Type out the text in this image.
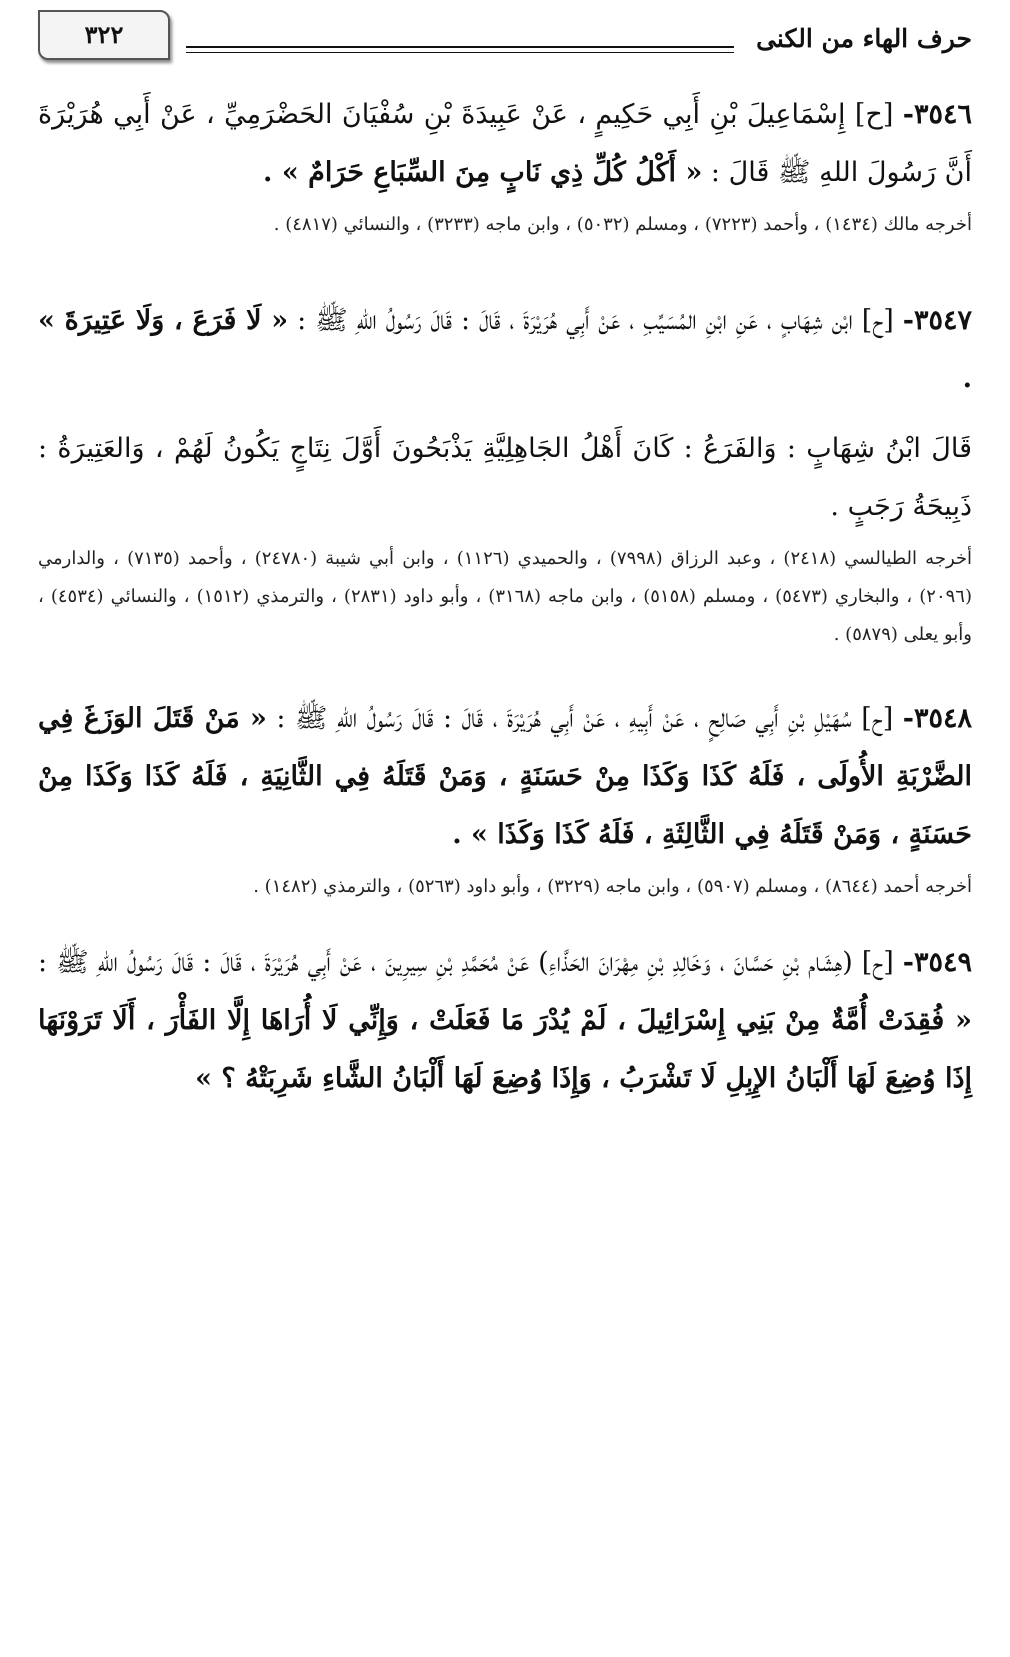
حرف الهاء من الكنى
٣٢٢

٣٥٤٦- [ح] إِسْمَاعِيلَ بْنِ أَبِي حَكِيمٍ ، عَنْ عَبِيدَةَ بْنِ سُفْيَانَ الحَضْرَمِيِّ ، عَنْ أَبِي هُرَيْرَةَ أَنَّ رَسُولَ اللهِ ﷺ قَالَ : « أَكْلُ كُلِّ ذِي نَابٍ مِنَ السِّبَاعِ حَرَامٌ » .

أخرجه مالك (١٤٣٤) ، وأحمد (٧٢٢٣) ، ومسلم (٥٠٣٢) ، وابن ماجه (٣٢٣٣) ، والنسائي (٤٨١٧) .

٣٥٤٧- [ح] ابْن شِهَابٍ ، عَنِ ابْنِ المُسَيِّبِ ، عَنْ أَبِي هُرَيْرَةَ ، قَالَ : قَالَ رَسُولُ اللهِ ﷺ : « لَا فَرَعَ ، وَلَا عَتِيرَةَ » .

قَالَ ابْنُ شِهَابٍ : وَالفَرَعُ : كَانَ أَهْلُ الجَاهِلِيَّةِ يَذْبَحُونَ أَوَّلَ نِتَاجٍ يَكُونُ لَهُمْ ، وَالعَتِيرَةُ : ذَبِيحَةُ رَجَبٍ .

أخرجه الطيالسي (٢٤١٨) ، وعبد الرزاق (٧٩٩٨) ، والحميدي (١١٢٦) ، وابن أبي شيبة (٢٤٧٨٠) ، وأحمد (٧١٣٥) ، والدارمي (٢٠٩٦) ، والبخاري (٥٤٧٣) ، ومسلم (٥١٥٨) ، وابن ماجه (٣١٦٨) ، وأبو داود (٢٨٣١) ، والترمذي (١٥١٢) ، والنسائي (٤٥٣٤) ، وأبو يعلى (٥٨٧٩) .

٣٥٤٨- [ح] سُهَيْلِ بْنِ أَبِي صَالِحٍ ، عَنْ أَبِيهِ ، عَنْ أَبِي هُرَيْرَةَ ، قَالَ : قَالَ رَسُولُ اللهِ ﷺ : « مَنْ قَتَلَ الوَزَغَ فِي الضَّرْبَةِ الأُولَى ، فَلَهُ كَذَا وَكَذَا مِنْ حَسَنَةٍ ، وَمَنْ قَتَلَهُ فِي الثَّانِيَةِ ، فَلَهُ كَذَا وَكَذَا مِنْ حَسَنَةٍ ، وَمَنْ قَتَلَهُ فِي الثَّالِثَةِ ، فَلَهُ كَذَا وَكَذَا » .

أخرجه أحمد (٨٦٤٤) ، ومسلم (٥٩٠٧) ، وابن ماجه (٣٢٢٩) ، وأبو داود (٥٢٦٣) ، والترمذي (١٤٨٢) .

٣٥٤٩- [ح] (هِشَام بْنِ حَسَّانَ ، وَخَالِدِ بْنِ مِهْرَانَ الحَذَّاءِ) عَنْ مُحَمَّدِ بْنِ سِيرِينَ ، عَنْ أَبِي هُرَيْرَةَ ، قَالَ : قَالَ رَسُولُ اللهِ ﷺ : « فُقِدَتْ أُمَّةٌ مِنْ بَنِي إِسْرَائِيلَ ، لَمْ يُدْرَ مَا فَعَلَتْ ، وَإِنِّي لَا أُرَاهَا إِلَّا الفَأْرَ ، أَلَا تَرَوْنَهَا إِذَا وُضِعَ لَهَا أَلْبَانُ الإِبِلِ لَا تَشْرَبُ ، وَإِذَا وُضِعَ لَهَا أَلْبَانُ الشَّاءِ شَرِبَتْهُ ؟ »
